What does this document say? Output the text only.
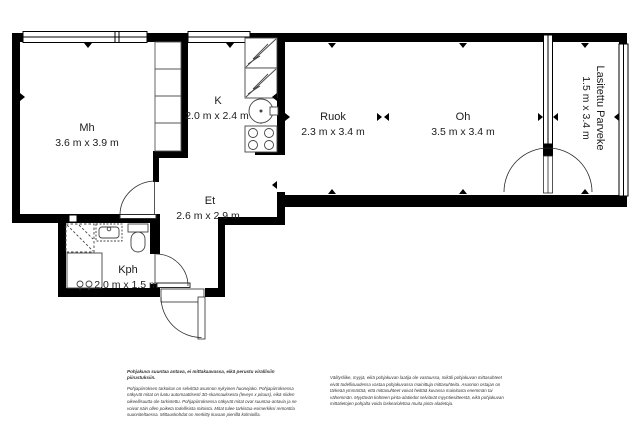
Mh
3.6 m x 3.9 m
K
2.0 m x 2.4 m	Ruok
2.3 m x 3.4 m
Oh
3.5 m x 3.4 m
Et
2.6 m x 2.9 m
Kph
2.0 m x 1.5 m
Lasitettu Parveke
1.5 m x 3.4 m

Pohjakuva suuntaa antava, ei mittakaavassa, eikä perustu virallisiin piirustuksiin.

Pohjapiirroksen tarkoitus on selvittää asunnon nykyinen huonejako. Pohjapiirroksessa näkyvät mitat on luotu automaattisesti 3D-skannauksesta (leveys x pituus), eikä niiden oikeellisuutta ole tarkistettu. Pohjapiirroksessa näkyvät mitat ovat suuntaa-antavia ja ne voivat näin ollen poiketa todellisista mitoista. Mitat tulee tarkistaa esimerkiksi remonttia suunniteltaessa. Mittauskohdat on merkitty kuvaan pienillä kolmioilla.

Välitysliike, myyjä, eikä pohjakuvan laatija ole vastuussa, mikäli pohjakuvan mittasuhteet eivät todellisuudessa vastaa pohjakuvassa mainittuja mittasuhteita. Asunnon ostajan on tärkeää ymmärtää, että mittasuhteet voivat heittää kuvassa mainitusta enemmän tai vähemmän. Myytävän kohteen pinta-alatiedot selviävät myyntiesitteestä, eikä pohjakuvan mittatietojen pohjalta voida laskea/olettaa muita pinta-alatietoja.
